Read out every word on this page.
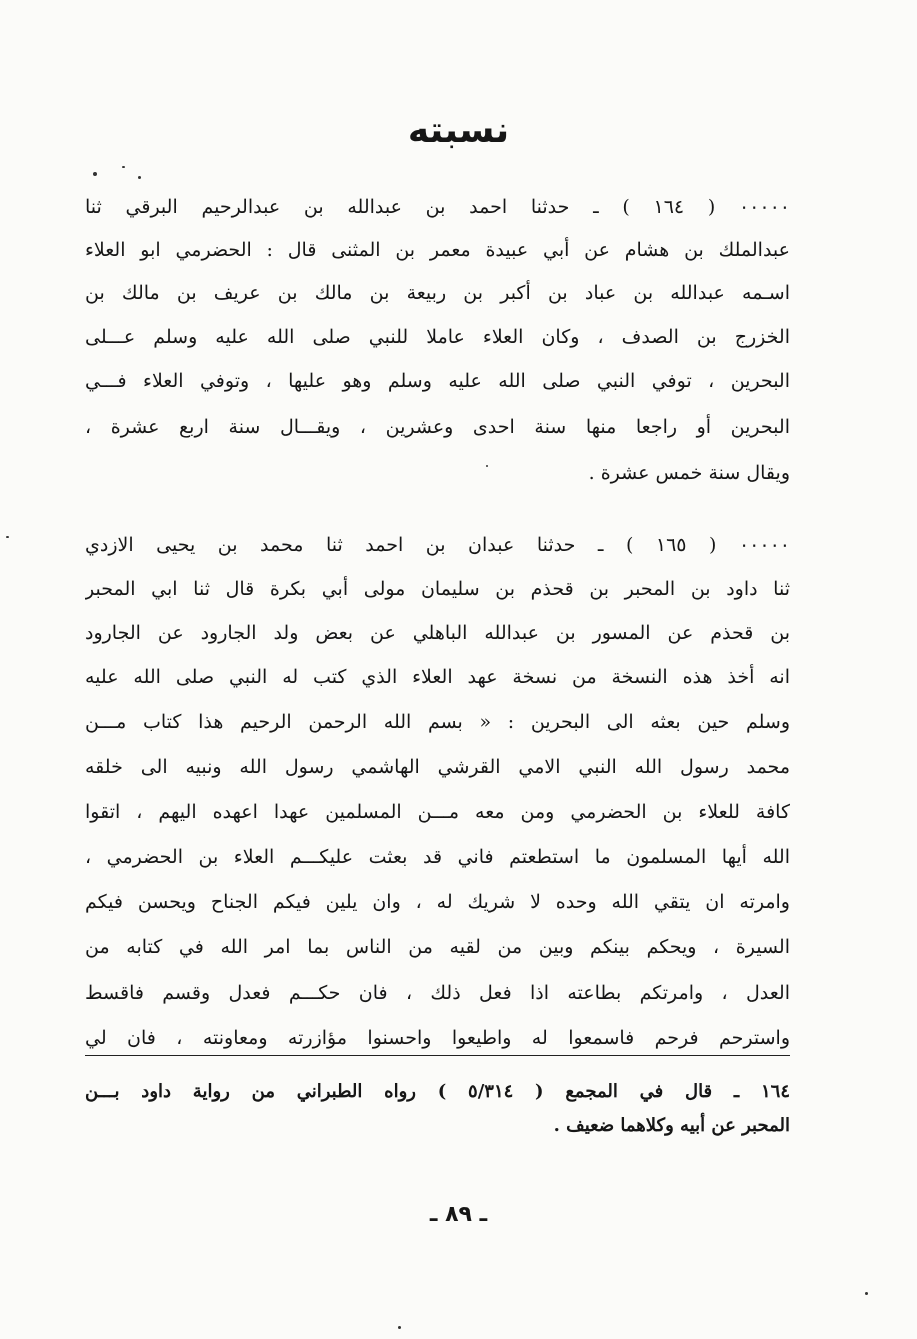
نسبته
٠٠٠٠٠ ( ١٦٤ ) ـ حدثنا احمد بن عبدالله بن عبدالرحيم البرقي ثنا
عبدالملك بن هشام عن أبي عبيدة معمر بن المثنى قال : الحضرمي ابو العلاء
اسـمه عبدالله بن عباد بن أكبر بن ربيعة بن مالك بن عريف بن مالك بن
الخزرج بن الصدف ، وكان العلاء عاملا للنبي صلى الله عليه وسلم عـــلى
البحرين ، توفي النبي صلى الله عليه وسلم وهو عليها ، وتوفي العلاء فـــي
البحرين أو راجعا منها سنة احدى وعشرين ، ويقـــال سنة اربع عشرة ،
ويقال سنة خمس عشرة .
٠٠٠٠٠ ( ١٦٥ ) ـ حدثنا عبدان بن احمد ثنا محمد بن يحيى الازدي
ثنا داود بن المحبر بن قحذم بن سليمان مولى أبي بكرة قال ثنا ابي المحبر
بن قحذم عن المسور بن عبدالله الباهلي عن بعض ولد الجارود عن الجارود
انه أخذ هذه النسخة من نسخة عهد العلاء الذي كتب له النبي صلى الله عليه
وسلم حين بعثه الى البحرين : « بسم الله الرحمن الرحيم هذا كتاب مـــن
محمد رسول الله النبي الامي القرشي الهاشمي رسول الله ونبيه الى خلقه
كافة للعلاء بن الحضرمي ومن معه مـــن المسلمين عهدا اعهده اليهم ، اتقوا
الله أيها المسلمون ما استطعتم فاني قد بعثت عليكـــم العلاء بن الحضرمي ،
وامرته ان يتقي الله وحده لا شريك له ، وان يلين فيكم الجناح ويحسن فيكم
السيرة ، ويحكم بينكم وبين من لقيه من الناس بما امر الله في كتابه من
العدل ، وامرتكم بطاعته اذا فعل ذلك ، فان حكـــم فعدل وقسم فاقسط
واسترحم فرحم فاسمعوا له واطيعوا واحسنوا مؤازرته ومعاونته ، فان لي
١٦٤ ـ قال في المجمع ( ٥/٣١٤ ) رواه الطبراني من رواية داود بـــن
المحبر عن أبيه وكلاهما ضعيف .
ـ ٨٩ ـ
